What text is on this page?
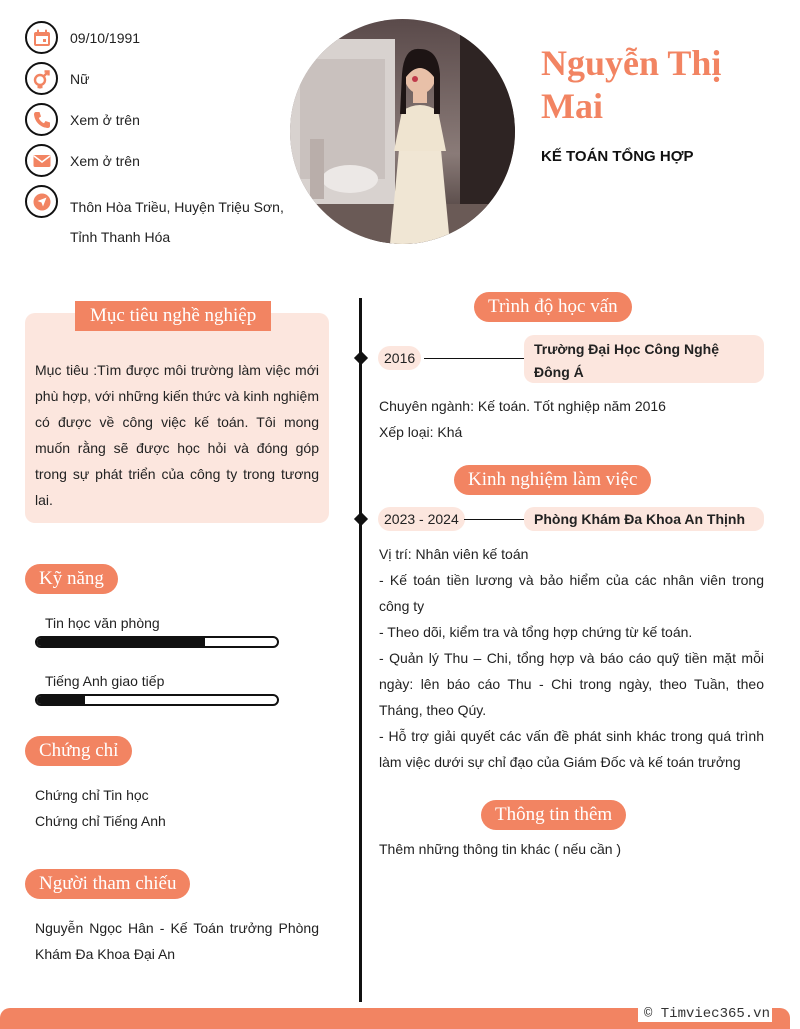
09/10/1991
Nữ
Xem ở trên
Xem ở trên
Thôn Hòa Triều, Huyện Triệu Sơn, Tỉnh Thanh Hóa
Nguyễn Thị Mai
KẾ TOÁN TỔNG HỢP
Mục tiêu nghề nghiệp
Mục tiêu :Tìm được môi trường làm việc mới phù hợp, với những kiến thức và kinh nghiệm có được về công việc kế toán. Tôi mong muốn rằng sẽ được học hỏi và đóng góp trong sự phát triển của công ty trong tương lai.
Kỹ năng
Tin học văn phòng
Tiếng Anh giao tiếp
Chứng chỉ
Chứng chỉ Tin học
Chứng chỉ Tiếng Anh
Người tham chiếu
Nguyễn Ngọc Hân - Kế Toán trưởng Phòng Khám Đa Khoa Đại An
Trình độ học vấn
2016
Trường Đại Học Công Nghệ Đông Á
Chuyên ngành: Kế toán. Tốt nghiệp năm 2016
Xếp loại: Khá
Kinh nghiệm làm việc
2023 - 2024	Phòng Khám Đa Khoa An Thịnh
Vị trí: Nhân viên kế toán
- Kế toán tiền lương và bảo hiểm của các nhân viên trong công ty
- Theo dõi, kiểm tra và tổng hợp chứng từ kế toán.
- Quản lý Thu – Chi, tổng hợp và báo cáo quỹ tiền mặt mỗi ngày: lên báo cáo Thu - Chi trong ngày, theo Tuần, theo Tháng, theo Qúy.
- Hỗ trợ giải quyết các vấn đề phát sinh khác trong quá trình làm việc dưới sự chỉ đạo của Giám Đốc và kế toán trưởng
Thông tin thêm
Thêm những thông tin khác ( nếu cần )
© Timviec365.vn
